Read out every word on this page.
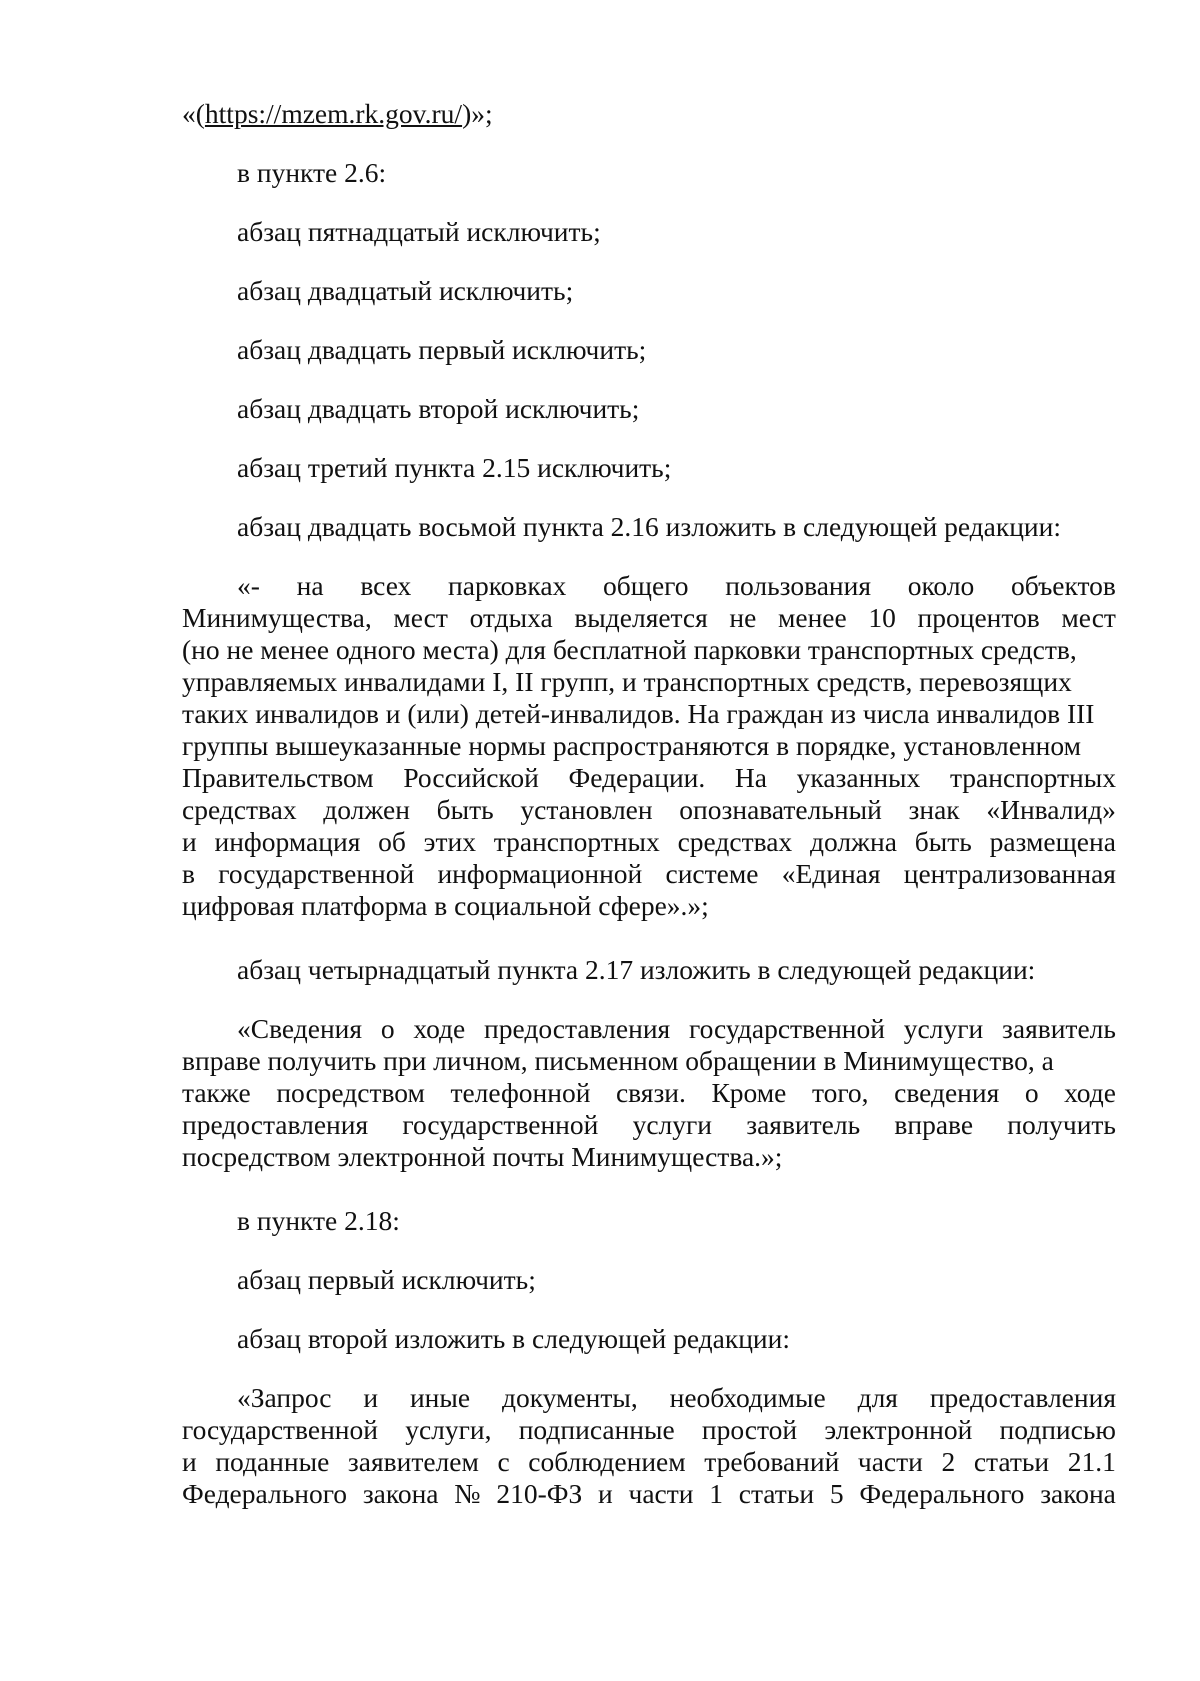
«(https://mzem.rk.gov.ru/)»;
в пункте 2.6:
абзац пятнадцатый исключить;
абзац двадцатый исключить;
абзац двадцать первый исключить;
абзац двадцать второй исключить;
абзац третий пункта 2.15 исключить;
абзац двадцать восьмой пункта 2.16 изложить в следующей редакции:
«- на всех парковках общего пользования около объектов
Минимущества, мест отдыха выделяется не менее 10 процентов мест
(но не менее одного места) для бесплатной парковки транспортных средств,
управляемых инвалидами I, II групп, и транспортных средств, перевозящих
таких инвалидов и (или) детей-инвалидов. На граждан из числа инвалидов III
группы вышеуказанные нормы распространяются в порядке, установленном
Правительством Российской Федерации. На указанных транспортных
средствах должен быть установлен опознавательный знак «Инвалид»
и информация об этих транспортных средствах должна быть размещена
в государственной информационной системе «Единая централизованная
цифровая платформа в социальной сфере».»;
абзац четырнадцатый пункта 2.17 изложить в следующей редакции:
«Сведения о ходе предоставления государственной услуги заявитель
вправе получить при личном, письменном обращении в Минимущество, а
также посредством телефонной связи. Кроме того, сведения о ходе
предоставления государственной услуги заявитель вправе получить
посредством электронной почты Минимущества.»;
в пункте 2.18:
абзац первый исключить;
абзац второй изложить в следующей редакции:
«Запрос и иные документы, необходимые для предоставления
государственной услуги, подписанные простой электронной подписью
и поданные заявителем с соблюдением требований части 2 статьи 21.1
Федерального закона № 210-ФЗ и части 1 статьи 5 Федерального закона
